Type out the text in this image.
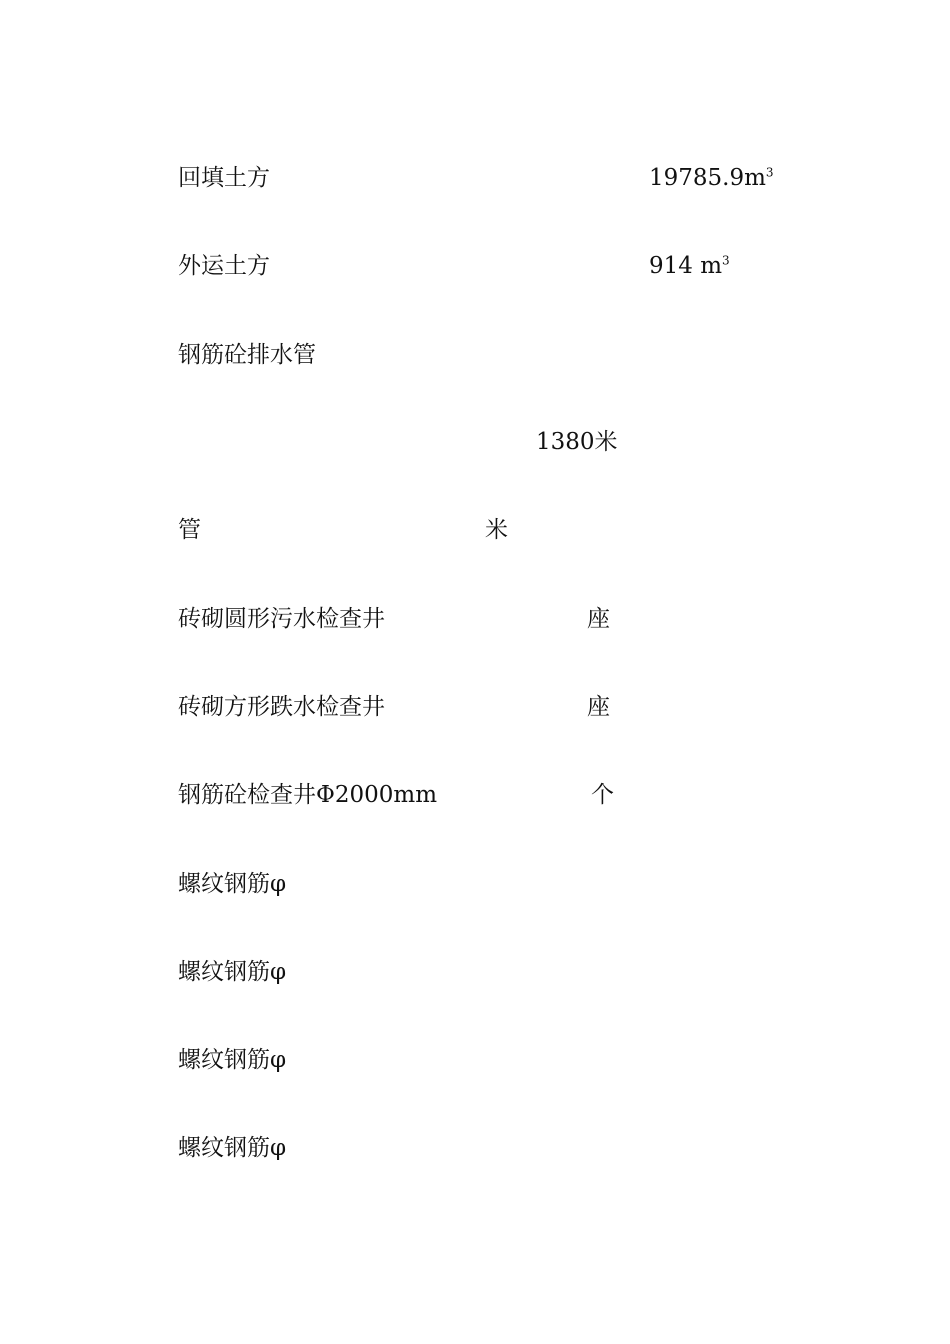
回填土方	$19785.9m^3$
外运土方	914 $m^3$
钢筋砼排水管
1380米
管	米
砖砌圆形污水检查井	座
砖砌方形跌水检查井	座
钢筋砼检查井Φ2000mm	个
螺纹钢筋φ
螺纹钢筋φ
螺纹钢筋φ
螺纹钢筋φ
